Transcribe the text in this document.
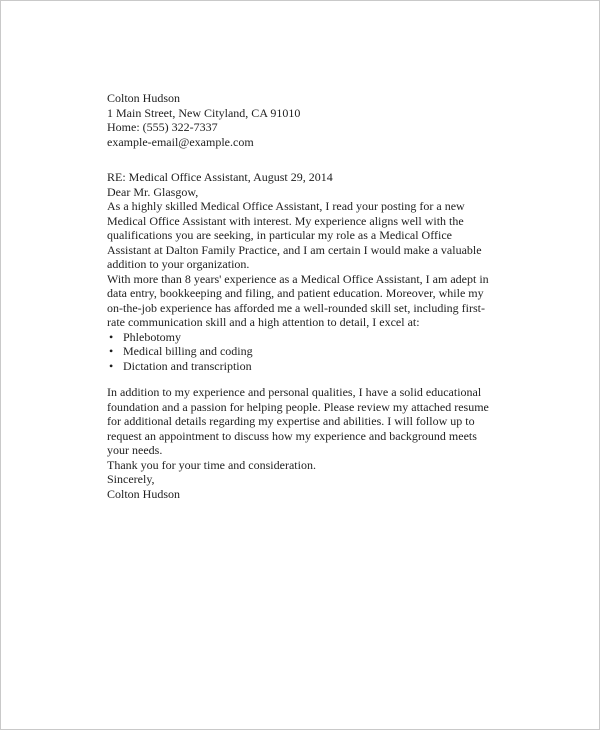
Colton Hudson

1 Main Street, New Cityland, CA 91010
Home: (555) 322-7337
example-email@example.com

RE: Medical Office Assistant, August 29, 2014

Dear Mr. Glasgow,

As a highly skilled Medical Office Assistant, I read your posting for a new Medical Office Assistant with interest. My experience aligns well with the qualifications you are seeking, in particular my role as a Medical Office Assistant at Dalton Family Practice, and I am certain I would make a valuable addition to your organization.

With more than 8 years' experience as a Medical Office Assistant, I am adept in data entry, bookkeeping and filing, and patient education. Moreover, while my on-the-job experience has afforded me a well-rounded skill set, including first-rate communication skill and a high attention to detail, I excel at:

• Phlebotomy
• Medical billing and coding
• Dictation and transcription

In addition to my experience and personal qualities, I have a solid educational foundation and a passion for helping people. Please review my attached resume for additional details regarding my expertise and abilities. I will follow up to request an appointment to discuss how my experience and background meets your needs.

Thank you for your time and consideration.

Sincerely,
Colton Hudson
